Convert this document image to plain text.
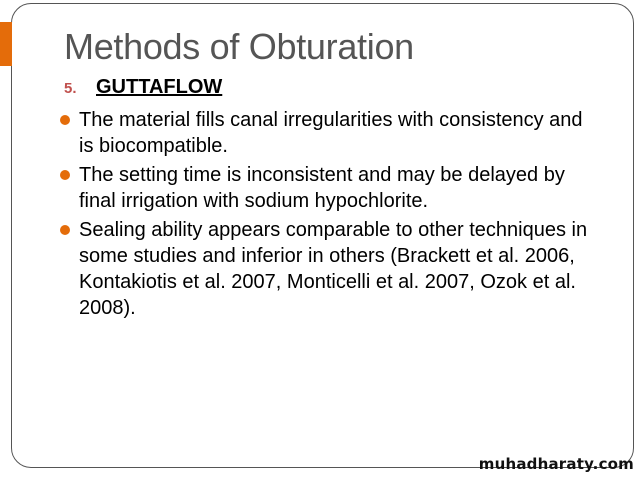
Methods of Obturation
5. GUTTAFLOW
The material fills canal irregularities with consistency and is biocompatible.
The setting time is inconsistent and may be delayed by final irrigation with sodium hypochlorite.
Sealing ability appears comparable to other techniques in some studies and inferior in others (Brackett et al. 2006, Kontakiotis et al. 2007, Monticelli et al. 2007, Ozok et al. 2008).
muhadharaty.com
